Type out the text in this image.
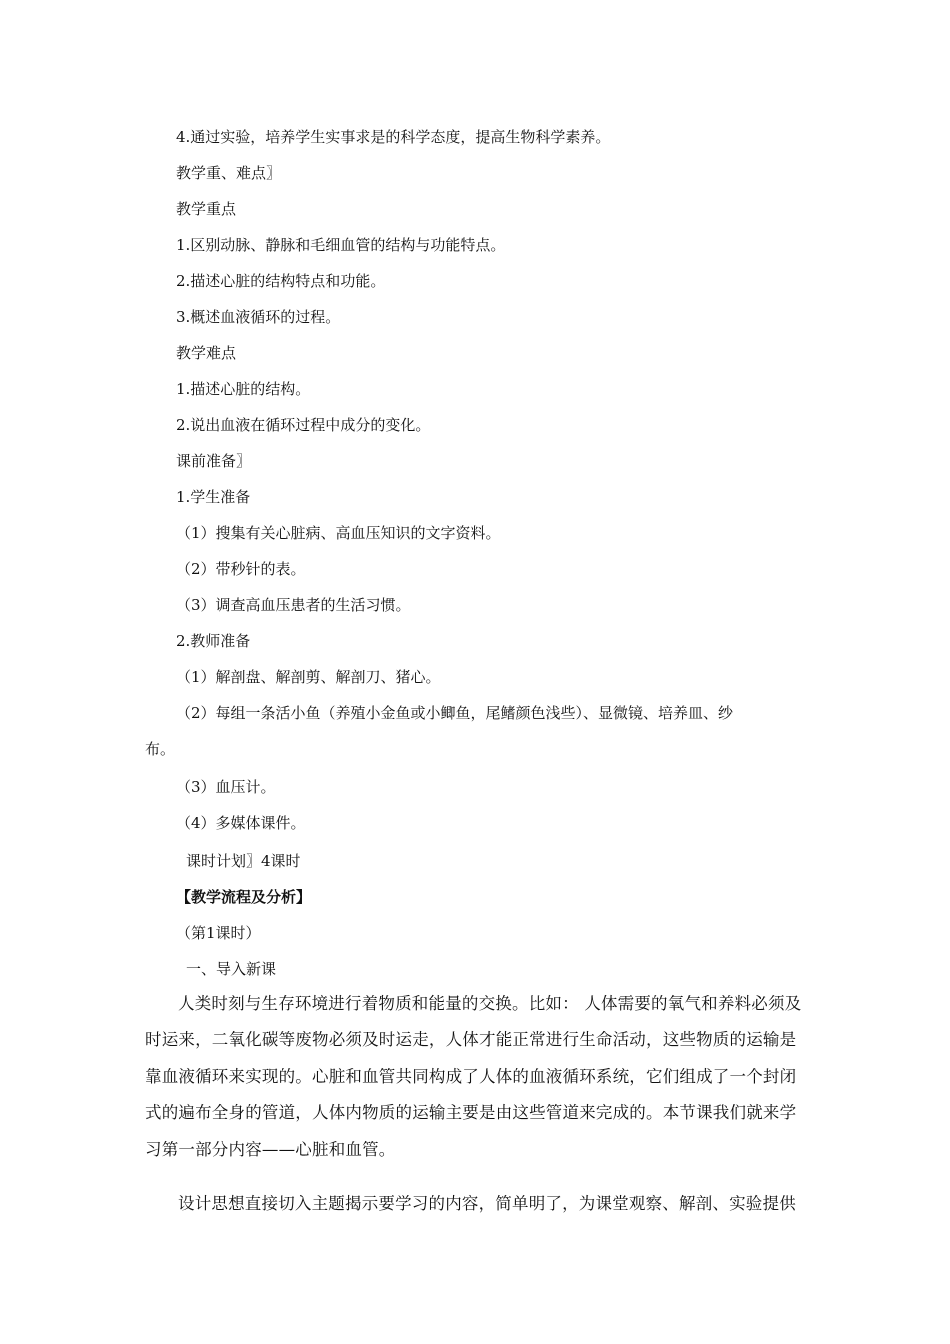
4.通过实验，培养学生实事求是的科学态度，提高生物科学素养。
教学重、难点〗
教学重点
1.区别动脉、静脉和毛细血管的结构与功能特点。
2.描述心脏的结构特点和功能。
3.概述血液循环的过程。
教学难点
1.描述心脏的结构。
2.说出血液在循环过程中成分的变化。
课前准备〗
1.学生准备
（1）搜集有关心脏病、高血压知识的文字资料。
（2）带秒针的表。
（3）调查高血压患者的生活习惯。
2.教师准备
（1）解剖盘、解剖剪、解剖刀、猪心。
（2）每组一条活小鱼（养殖小金鱼或小鲫鱼，尾鳍颜色浅些）、显微镜、培养皿、纱
布。
（3）血压计。
（4）多媒体课件。
课时计划〗4课时
【教学流程及分析】
（第1课时）
一、导入新课
人类时刻与生存环境进行着物质和能量的交换。比如： 人体需要的氧气和养料必须及
时运来，二氧化碳等废物必须及时运走，人体才能正常进行生命活动，这些物质的运输是
靠血液循环来实现的。心脏和血管共同构成了人体的血液循环系统，它们组成了一个封闭
式的遍布全身的管道，人体内物质的运输主要是由这些管道来完成的。本节课我们就来学
习第一部分内容——心脏和血管。
设计思想直接切入主题揭示要学习的内容，简单明了，为课堂观察、解剖、实验提供
